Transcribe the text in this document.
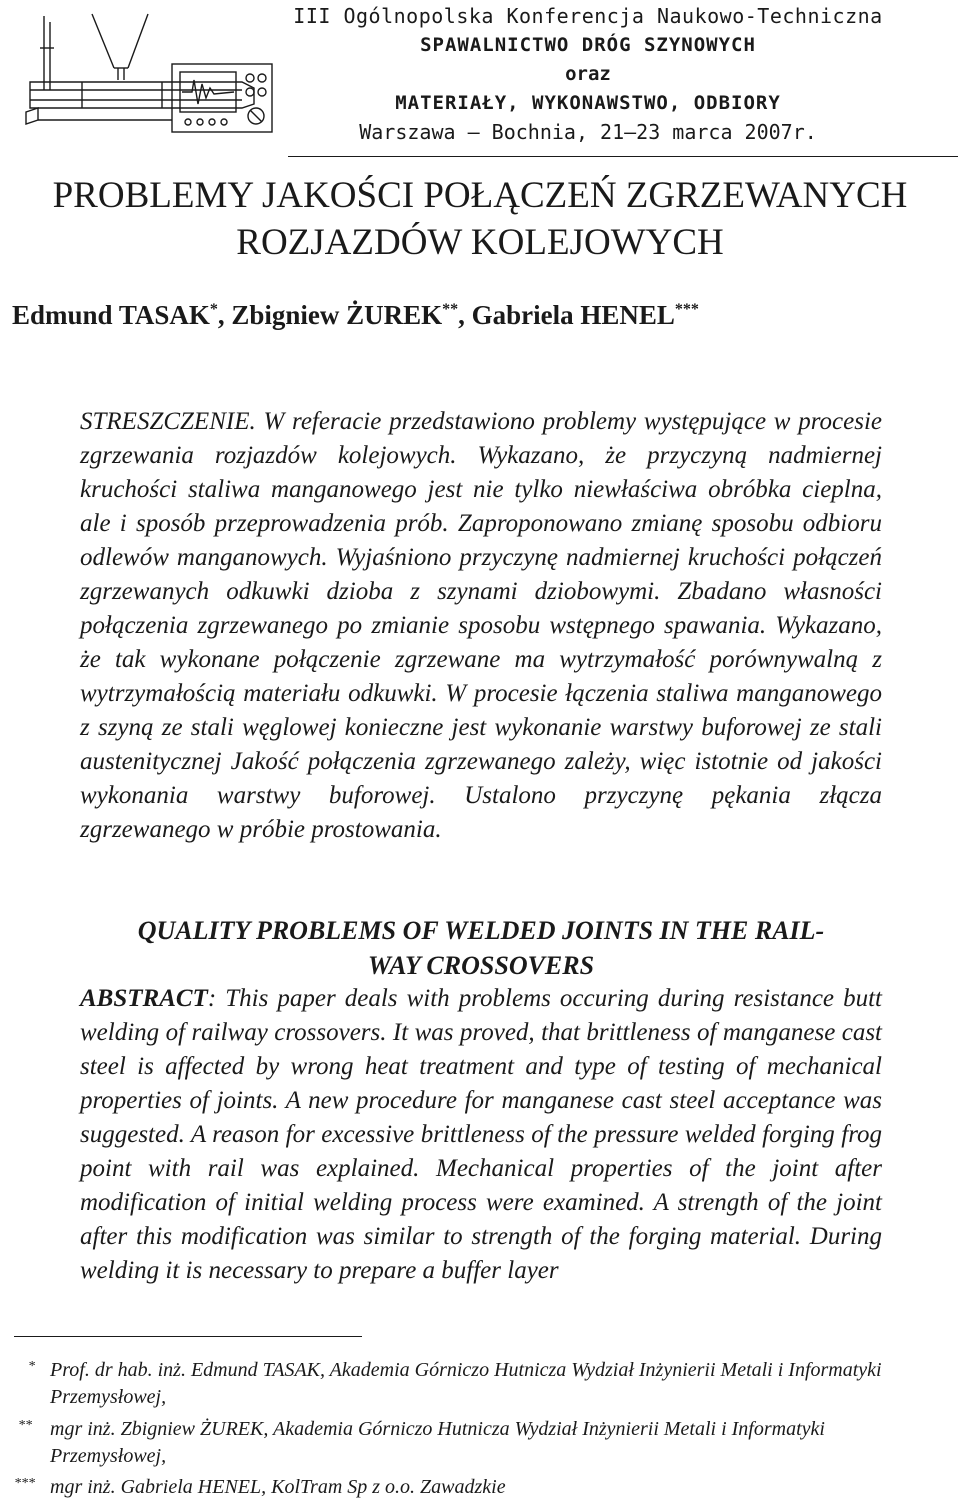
III Ogólnopolska Konferencja Naukowo-Techniczna
SPAWALNICTWO DRÓG SZYNOWYCH
oraz
MATERIAŁY, WYKONAWSTWO, ODBIORY
Warszawa – Bochnia, 21–23 marca 2007r.
PROBLEMY JAKOŚCI POŁĄCZEŃ ZGRZEWANYCH
ROZJAZDÓW KOLEJOWYCH
Edmund TASAK*, Zbigniew ŻUREK**, Gabriela HENEL***
STRESZCZENIE. W referacie przedstawiono problemy występujące w procesie zgrzewania rozjazdów kolejowych. Wykazano, że przyczyną nadmiernej kruchości staliwa manganowego jest nie tylko niewłaściwa obróbka cieplna, ale i sposób przeprowadzenia prób. Zaproponowano zmianę sposobu odbioru odlewów manganowych. Wyjaśniono przyczynę nadmiernej kruchości połączeń zgrzewanych odkuwki dzioba z szynami dziobowymi. Zbadano własności połączenia zgrzewanego po zmianie sposobu wstępnego spawania. Wykazano, że tak wykonane połączenie zgrzewane ma wytrzymałość porównywalną z wytrzymałością materiału odkuwki. W procesie łączenia staliwa manganowego z szyną ze stali węglowej konieczne jest wykonanie warstwy buforowej ze stali austenitycznej Jakość połączenia zgrzewanego zależy, więc istotnie od jakości wykonania warstwy buforowej. Ustalono przyczynę pękania złącza zgrzewanego w próbie prostowania.
QUALITY PROBLEMS OF WELDED JOINTS IN THE RAIL-
WAY CROSSOVERS
ABSTRACT: This paper deals with problems occuring during resistance butt welding of railway crossovers. It was proved, that brittleness of manganese cast steel is affected by wrong heat treatment and type of testing of mechanical properties of joints. A new procedure for manganese cast steel acceptance was suggested. A reason for excessive brittleness of the pressure welded forging frog point with rail was explained. Mechanical properties of the joint after modification of initial welding process were examined. A strength of the joint after this modification was similar to strength of the forging material. During welding it is necessary to prepare a buffer layer
* Prof. dr hab. inż. Edmund TASAK, Akademia Górniczo Hutnicza Wydział Inżynierii Metali i Informatyki Przemysłowej,
** mgr inż. Zbigniew ŻUREK, Akademia Górniczo Hutnicza Wydział Inżynierii Metali i Informatyki Przemysłowej,
*** mgr inż. Gabriela HENEL, KolTram Sp z o.o. Zawadzkie
